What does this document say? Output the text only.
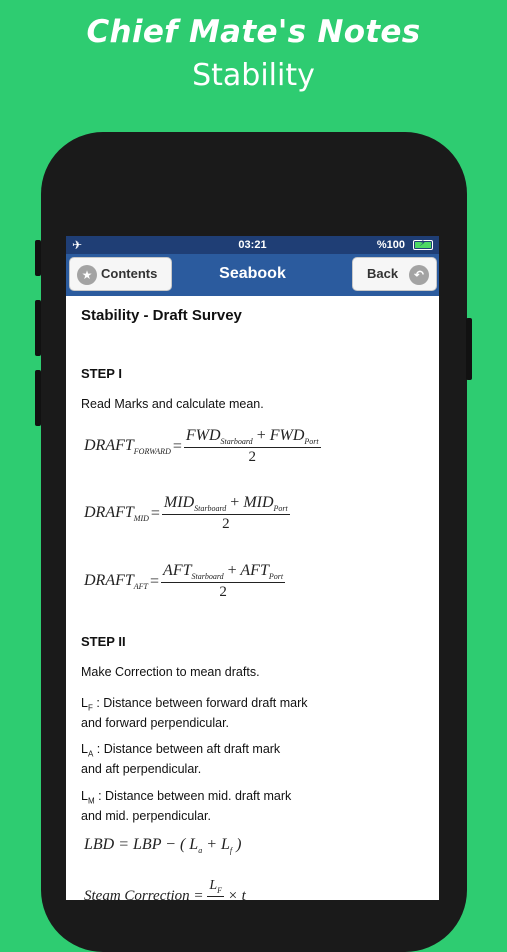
Chief Mate's Notes
Stability
✈	03:21	%100 ⚡
★ Contents	Seabook	Back	↶
Stability - Draft Survey
STEP I
Read Marks and calculate mean.
$DRAFT_{FORWARD} = \frac{FWD_{Starboard} + FWD_{Port}}{2}$
$DRAFT_{MID} = \frac{MID_{Starboard} + MID_{Port}}{2}$
$DRAFT_{AFT} = \frac{AFT_{Starboard} + AFT_{Port}}{2}$
STEP II
Make Correction to mean drafts.
$L_F$ : Distance between forward draft mark
and forward perpendicular.
$L_A$ : Distance between aft draft mark
and aft perpendicular.
$L_M$ : Distance between mid. draft mark
and mid. perpendicular.
LBD = LBP − ( $L_a + L_f$ )
Steam Correction =
$L_F$
× t
